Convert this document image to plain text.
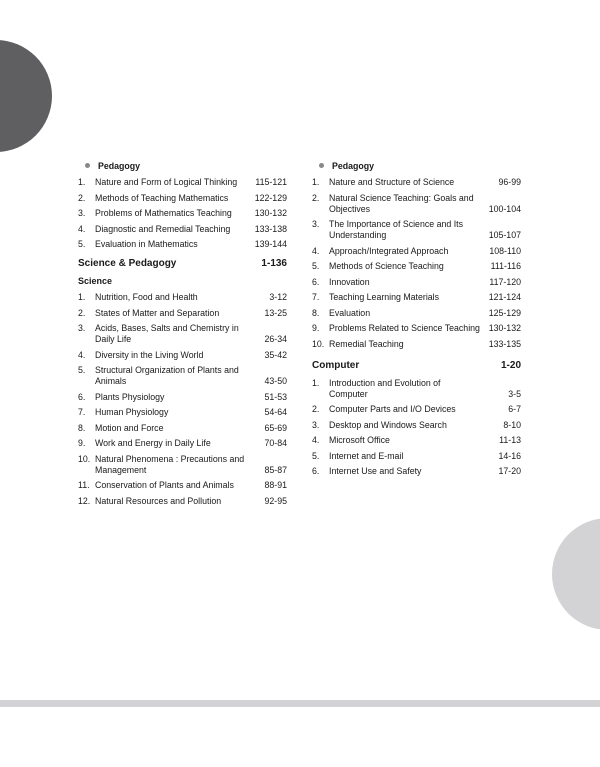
Pedagogy
1.	Nature and Form of Logical Thinking	115-121
2.	Methods of Teaching Mathematics	122-129
3.	Problems of Mathematics Teaching	130-132
4.	Diagnostic and Remedial Teaching	133-138
5.	Evaluation in Mathematics	139-144
Science & Pedagogy	1-136
Science
1.	Nutrition, Food and Health	3-12
2.	States of Matter and Separation	13-25
3.	Acids, Bases, Salts and Chemistry in Daily Life	26-34
4.	Diversity in the Living World	35-42
5.	Structural Organization of Plants and Animals	43-50
6.	Plants Physiology	51-53
7.	Human Physiology	54-64
8.	Motion and Force	65-69
9.	Work and Energy in Daily Life	70-84
10. Natural Phenomena : Precautions and Management	85-87
11. Conservation of Plants and Animals	88-91
12. Natural Resources and Pollution	92-95
Pedagogy
1.	Nature and Structure of Science	96-99
2.	Natural Science Teaching: Goals and Objectives	100-104
3.	The Importance of Science and Its Understanding	105-107
4.	Approach/Integrated Approach	108-110
5.	Methods of Science Teaching	111-116
6.	Innovation	117-120
7.	Teaching Learning Materials	121-124
8.	Evaluation	125-129
9.	Problems Related to Science Teaching 130-132
10. Remedial Teaching	133-135
Computer	1-20
1.	Introduction and Evolution of Computer	3-5
2.	Computer Parts and I/O Devices	6-7
3.	Desktop and Windows Search	8-10
4.	Microsoft Office	11-13
5.	Internet and E-mail	14-16
6.	Internet Use and Safety	17-20
